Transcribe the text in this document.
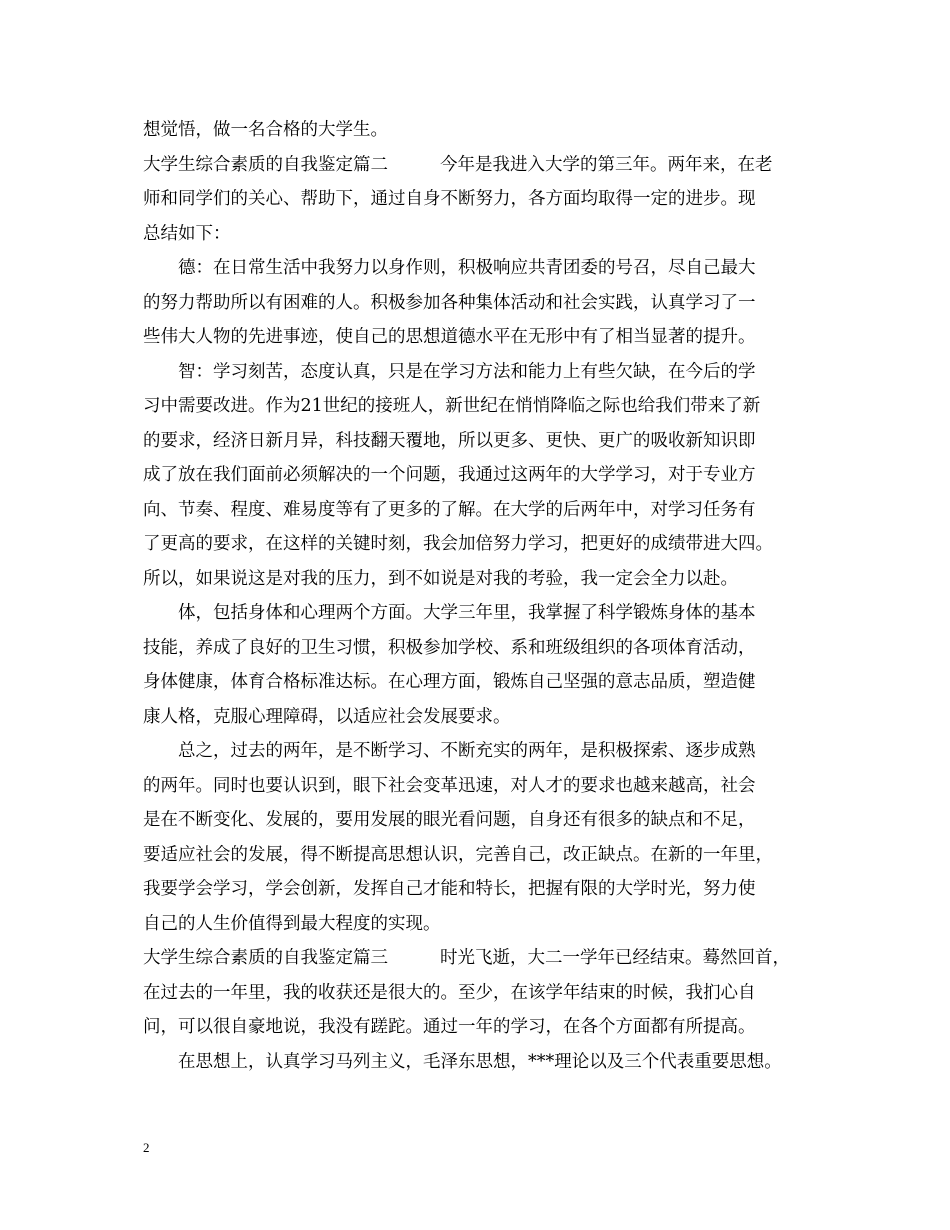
想觉悟，做一名合格的大学生。
大学生综合素质的自我鉴定篇二	今年是我进入大学的第三年。两年来，在老
师和同学们的关心、帮助下，通过自身不断努力，各方面均取得一定的进步。现
总结如下：
德：在日常生活中我努力以身作则，积极响应共青团委的号召，尽自己最大
的努力帮助所以有困难的人。积极参加各种集体活动和社会实践，认真学习了一
些伟大人物的先进事迹，使自己的思想道德水平在无形中有了相当显著的提升。
智：学习刻苦，态度认真，只是在学习方法和能力上有些欠缺，在今后的学
习中需要改进。作为21世纪的接班人，新世纪在悄悄降临之际也给我们带来了新
的要求，经济日新月异，科技翻天覆地，所以更多、更快、更广的吸收新知识即
成了放在我们面前必须解决的一个问题，我通过这两年的大学学习，对于专业方
向、节奏、程度、难易度等有了更多的了解。在大学的后两年中，对学习任务有
了更高的要求，在这样的关键时刻，我会加倍努力学习，把更好的成绩带进大四。
所以，如果说这是对我的压力，到不如说是对我的考验，我一定会全力以赴。
体，包括身体和心理两个方面。大学三年里，我掌握了科学锻炼身体的基本
技能，养成了良好的卫生习惯，积极参加学校、系和班级组织的各项体育活动，
身体健康，体育合格标准达标。在心理方面，锻炼自己坚强的意志品质，塑造健
康人格，克服心理障碍，以适应社会发展要求。
总之，过去的两年，是不断学习、不断充实的两年，是积极探索、逐步成熟
的两年。同时也要认识到，眼下社会变革迅速，对人才的要求也越来越高，社会
是在不断变化、发展的，要用发展的眼光看问题，自身还有很多的缺点和不足，
要适应社会的发展，得不断提高思想认识，完善自己，改正缺点。在新的一年里，
我要学会学习，学会创新，发挥自己才能和特长，把握有限的大学时光，努力使
自己的人生价值得到最大程度的实现。
大学生综合素质的自我鉴定篇三	时光飞逝，大二一学年已经结束。蓦然回首，
在过去的一年里，我的收获还是很大的。至少，在该学年结束的时候，我扪心自
问，可以很自豪地说，我没有蹉跎。通过一年的学习，在各个方面都有所提高。
在思想上，认真学习马列主义，毛泽东思想，***理论以及三个代表重要思想。
2
